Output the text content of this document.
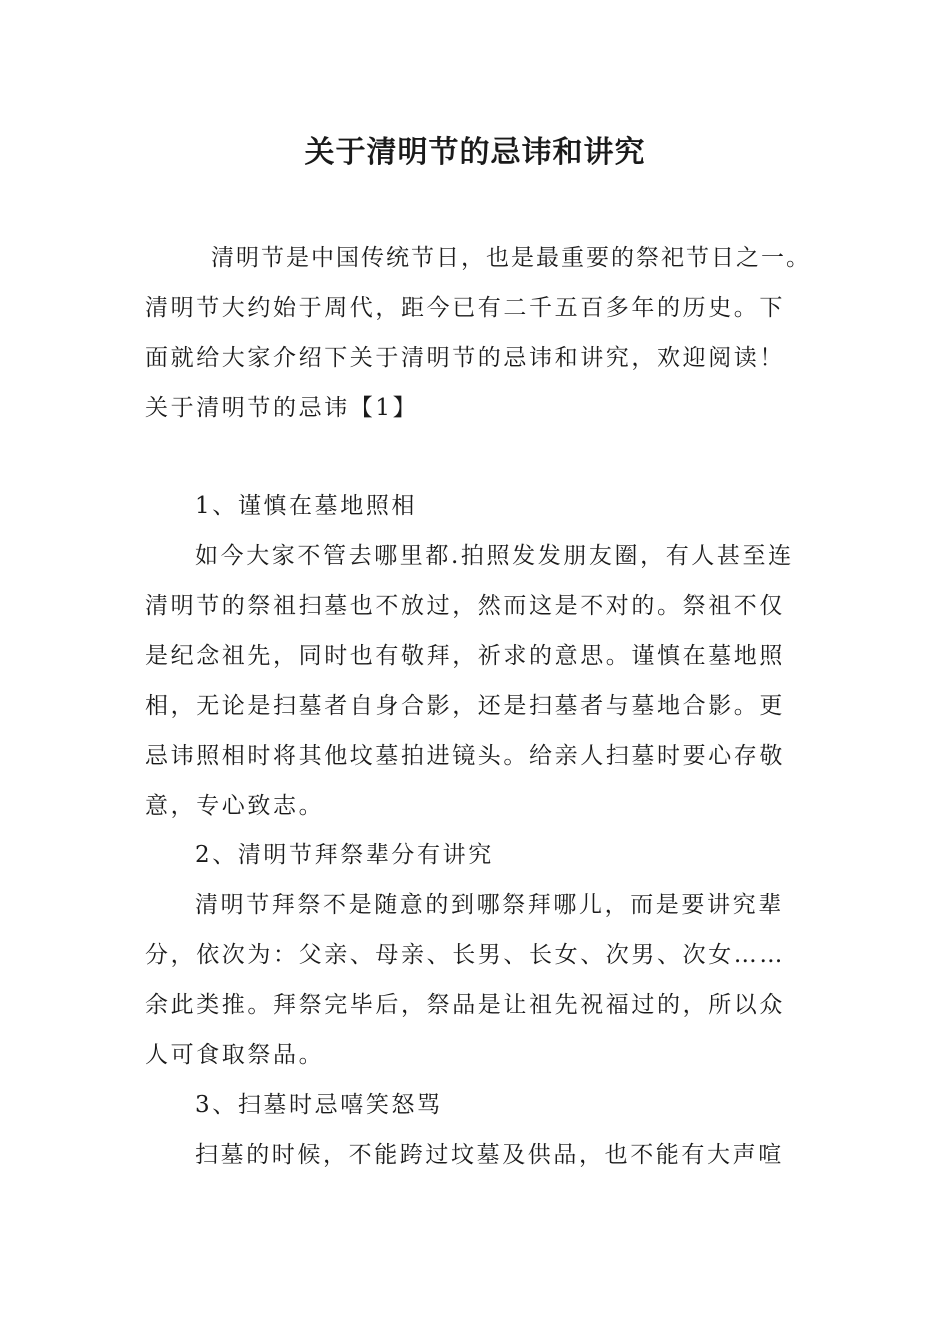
关于清明节的忌讳和讲究

清明节是中国传统节日，也是最重要的祭祀节日之一。

清明节大约始于周代，距今已有二千五百多年的历史。下

面就给大家介绍下关于清明节的忌讳和讲究，欢迎阅读！

关于清明节的忌讳【1】

1、谨慎在墓地照相

如今大家不管去哪里都.拍照发发朋友圈，有人甚至连

清明节的祭祖扫墓也不放过，然而这是不对的。祭祖不仅

是纪念祖先，同时也有敬拜，祈求的意思。谨慎在墓地照

相，无论是扫墓者自身合影，还是扫墓者与墓地合影。更

忌讳照相时将其他坟墓拍进镜头。给亲人扫墓时要心存敬

意，专心致志。

2、清明节拜祭辈分有讲究

清明节拜祭不是随意的到哪祭拜哪儿，而是要讲究辈

分，依次为：父亲、母亲、长男、长女、次男、次女……

余此类推。拜祭完毕后，祭品是让祖先祝福过的，所以众

人可食取祭品。

3、扫墓时忌嘻笑怒骂

扫墓的时候，不能跨过坟墓及供品，也不能有大声喧
